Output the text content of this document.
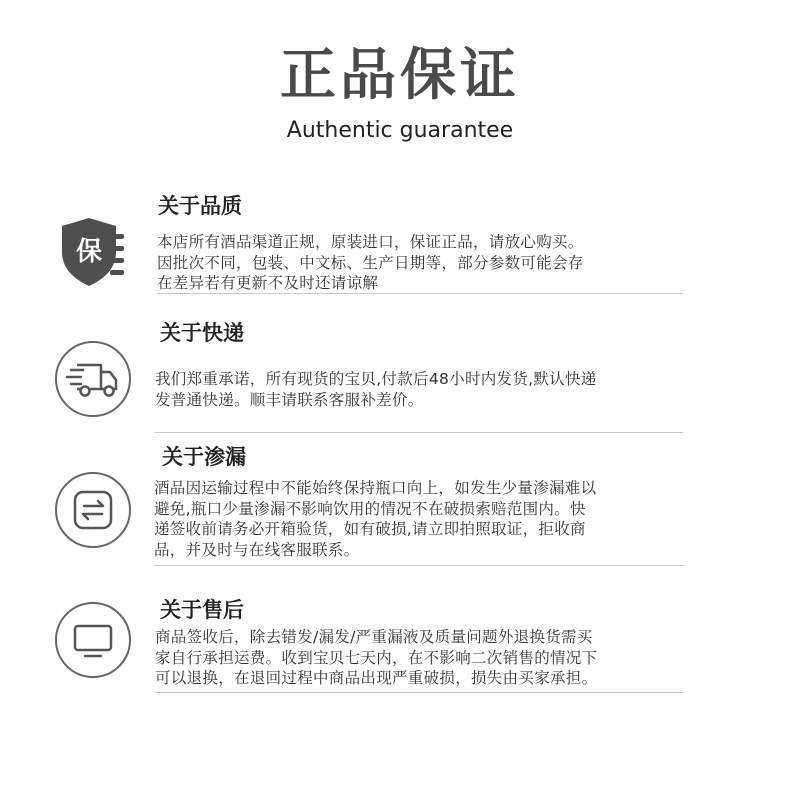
正品保证
Authentic guarantee
保
关于品质
本店所有酒品渠道正规，原装进口，保证正品，请放心购买。
因批次不同，包装、中文标、生产日期等，部分参数可能会存
在差异若有更新不及时还请谅解
关于快递
我们郑重承诺，所有现货的宝贝,付款后48小时内发货,默认快递
发普通快递。顺丰请联系客服补差价。
关于渗漏
酒品因运输过程中不能始终保持瓶口向上，如发生少量渗漏难以
避免,瓶口少量渗漏不影响饮用的情况不在破损索赔范围内。快
递签收前请务必开箱验货，如有破损,请立即拍照取证，拒收商
品，并及时与在线客服联系。
关于售后
商品签收后，除去错发/漏发/严重漏液及质量问题外退换货需买
家自行承担运费。收到宝贝七天内，在不影响二次销售的情况下
可以退换，在退回过程中商品出现严重破损，损失由买家承担。
